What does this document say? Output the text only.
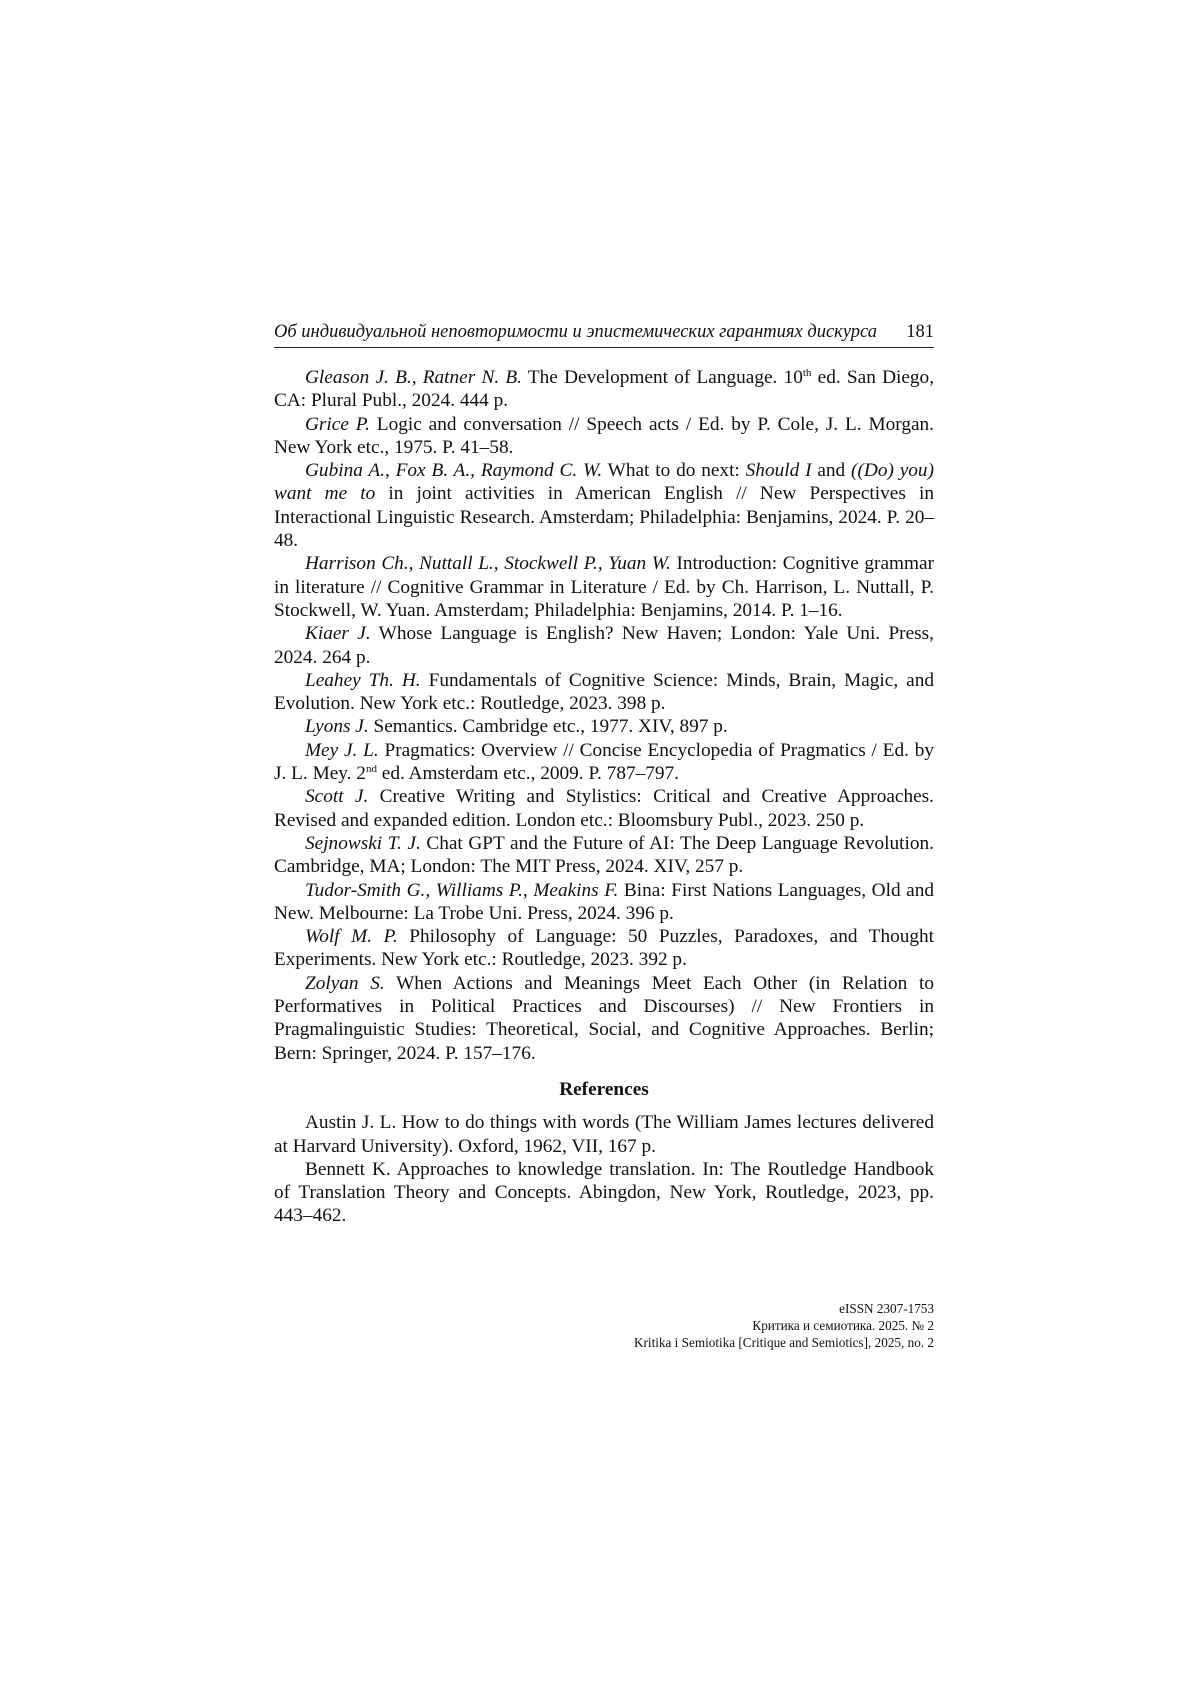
Об индивидуальной неповторимости и эпистемических гарантиях дискурса 181

Gleason J. B., Ratner N. B. The Development of Language. 10th ed. San Diego, CA: Plural Publ., 2024. 444 p.

Grice P. Logic and conversation // Speech acts / Ed. by P. Cole, J. L. Morgan. New York etc., 1975. P. 41–58.

Gubina A., Fox B. A., Raymond C. W. What to do next: Should I and ((Do) you) want me to in joint activities in American English // New Perspectives in Interactional Linguistic Research. Amsterdam; Philadelphia: Benjamins, 2024. P. 20–48.

Harrison Ch., Nuttall L., Stockwell P., Yuan W. Introduction: Cognitive grammar in literature // Cognitive Grammar in Literature / Ed. by Ch. Harrison, L. Nuttall, P. Stockwell, W. Yuan. Amsterdam; Philadelphia: Benjamins, 2014. P. 1–16.

Kiaer J. Whose Language is English? New Haven; London: Yale Uni. Press, 2024. 264 p.

Leahey Th. H. Fundamentals of Cognitive Science: Minds, Brain, Magic, and Evolution. New York etc.: Routledge, 2023. 398 p.

Lyons J. Semantics. Cambridge etc., 1977. XIV, 897 p.

Mey J. L. Pragmatics: Overview // Concise Encyclopedia of Pragmatics / Ed. by J. L. Mey. 2nd ed. Amsterdam etc., 2009. P. 787–797.

Scott J. Creative Writing and Stylistics: Critical and Creative Approaches. Revised and expanded edition. London etc.: Bloomsbury Publ., 2023. 250 p.

Sejnowski T. J. Chat GPT and the Future of AI: The Deep Language Revolution. Cambridge, MA; London: The MIT Press, 2024. XIV, 257 p.

Tudor-Smith G., Williams P., Meakins F. Bina: First Nations Languages, Old and New. Melbourne: La Trobe Uni. Press, 2024. 396 p.

Wolf M. P. Philosophy of Language: 50 Puzzles, Paradoxes, and Thought Experiments. New York etc.: Routledge, 2023. 392 p.

Zolyan S. When Actions and Meanings Meet Each Other (in Relation to Performatives in Political Practices and Discourses) // New Frontiers in Pragmalinguistic Studies: Theoretical, Social, and Cognitive Approaches. Berlin; Bern: Springer, 2024. P. 157–176.

References

Austin J. L. How to do things with words (The William James lectures delivered at Harvard University). Oxford, 1962, VII, 167 p.

Bennett K. Approaches to knowledge translation. In: The Routledge Handbook of Translation Theory and Concepts. Abingdon, New York, Routledge, 2023, pp. 443–462.

eISSN 2307-1753
Критика и семиотика. 2025. № 2
Kritika i Semiotika [Critique and Semiotics], 2025, no. 2
